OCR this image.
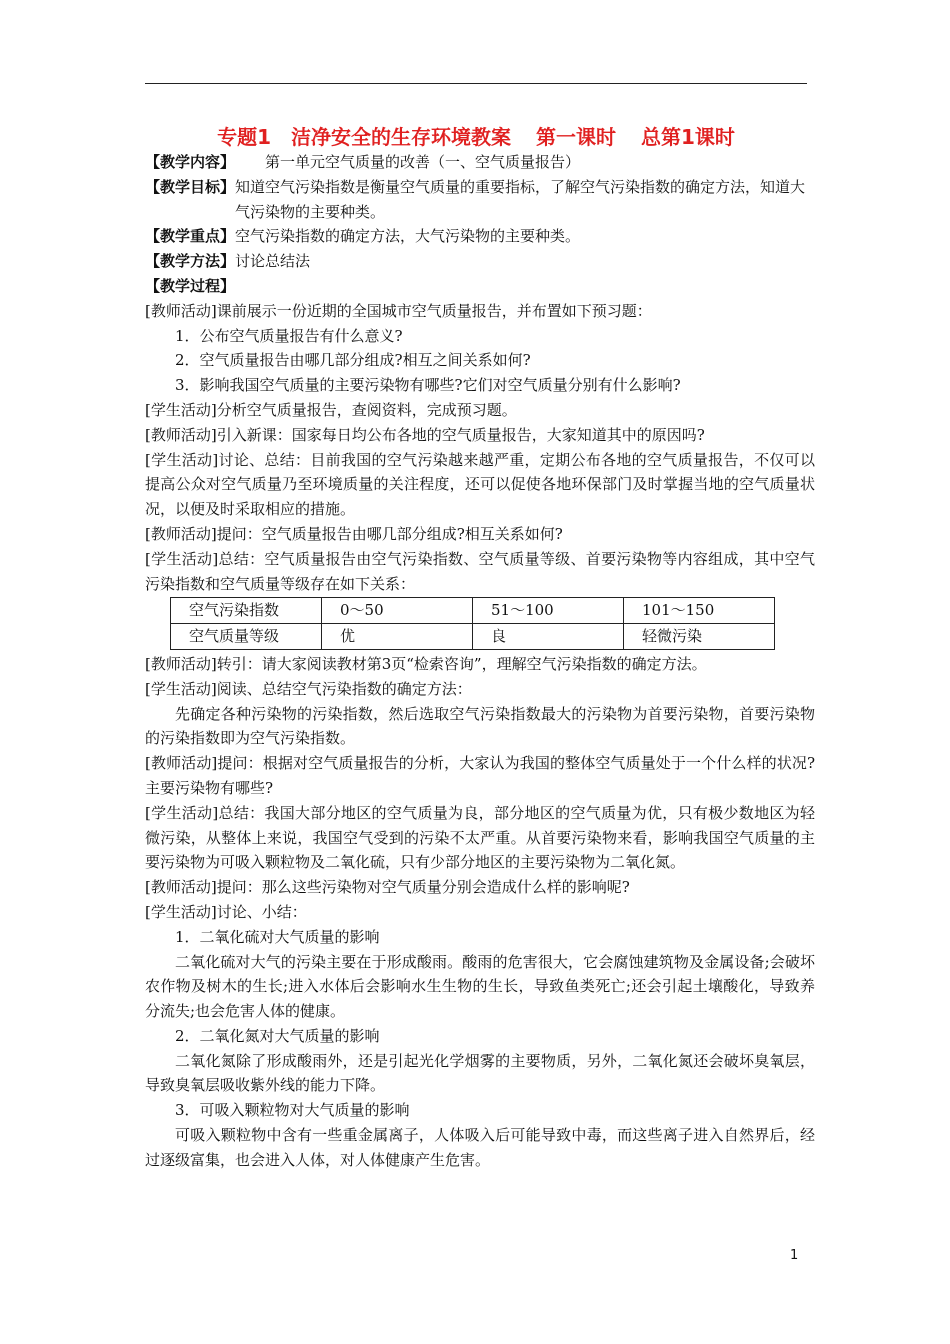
专题1　洁净安全的生存环境教案 第一课时 总第1课时
【教学内容】 　　第一单元空气质量的改善（一、空气质量报告）
【教学目标】 知道空气污染指数是衡量空气质量的重要指标，了解空气污染指数的确定方法，知道大气污染物的主要种类。
【教学重点】 空气污染指数的确定方法，大气污染物的主要种类。
【教学方法】 讨论总结法

【教学过程】

[教师活动]课前展示一份近期的全国城市空气质量报告，并布置如下预习题：

1．公布空气质量报告有什么意义?

2．空气质量报告由哪几部分组成?相互之间关系如何?

3．影响我国空气质量的主要污染物有哪些?它们对空气质量分别有什么影响?

[学生活动]分析空气质量报告，查阅资料，完成预习题。

[教师活动]引入新课：国家每日均公布各地的空气质量报告，大家知道其中的原因吗?

[学生活动]讨论、总结：目前我国的空气污染越来越严重，定期公布各地的空气质量报告，不仅可以提高公众对空气质量乃至环境质量的关注程度，还可以促使各地环保部门及时掌握当地的空气质量状况，以便及时采取相应的措施。

[教师活动]提问：空气质量报告由哪几部分组成?相互关系如何?

[学生活动]总结：空气质量报告由空气污染指数、空气质量等级、首要污染物等内容组成，其中空气污染指数和空气质量等级存在如下关系：

空气污染指数	0～50	51～100	101～150
空气质量等级	优	良	轻微污染

[教师活动]转引：请大家阅读教材第3页“检索咨询”，理解空气污染指数的确定方法。

[学生活动]阅读、总结空气污染指数的确定方法：

先确定各种污染物的污染指数，然后选取空气污染指数最大的污染物为首要污染物，首要污染物的污染指数即为空气污染指数。

[教师活动]提问：根据对空气质量报告的分析，大家认为我国的整体空气质量处于一个什么样的状况?主要污染物有哪些?

[学生活动]总结：我国大部分地区的空气质量为良，部分地区的空气质量为优，只有极少数地区为轻微污染，从整体上来说，我国空气受到的污染不太严重。从首要污染物来看，影响我国空气质量的主要污染物为可吸入颗粒物及二氧化硫，只有少部分地区的主要污染物为二氧化氮。

[教师活动]提问：那么这些污染物对空气质量分别会造成什么样的影响呢?

[学生活动]讨论、小结：

1．二氧化硫对大气质量的影响

二氧化硫对大气的污染主要在于形成酸雨。酸雨的危害很大，它会腐蚀建筑物及金属设备;会破坏农作物及树木的生长;进入水体后会影响水生生物的生长，导致鱼类死亡;还会引起土壤酸化，导致养分流失;也会危害人体的健康。

2．二氧化氮对大气质量的影响

二氧化氮除了形成酸雨外，还是引起光化学烟雾的主要物质，另外，二氧化氮还会破坏臭氧层，导致臭氧层吸收紫外线的能力下降。

3．可吸入颗粒物对大气质量的影响

可吸入颗粒物中含有一些重金属离子，人体吸入后可能导致中毒，而这些离子进入自然界后，经过逐级富集，也会进入人体，对人体健康产生危害。

1
